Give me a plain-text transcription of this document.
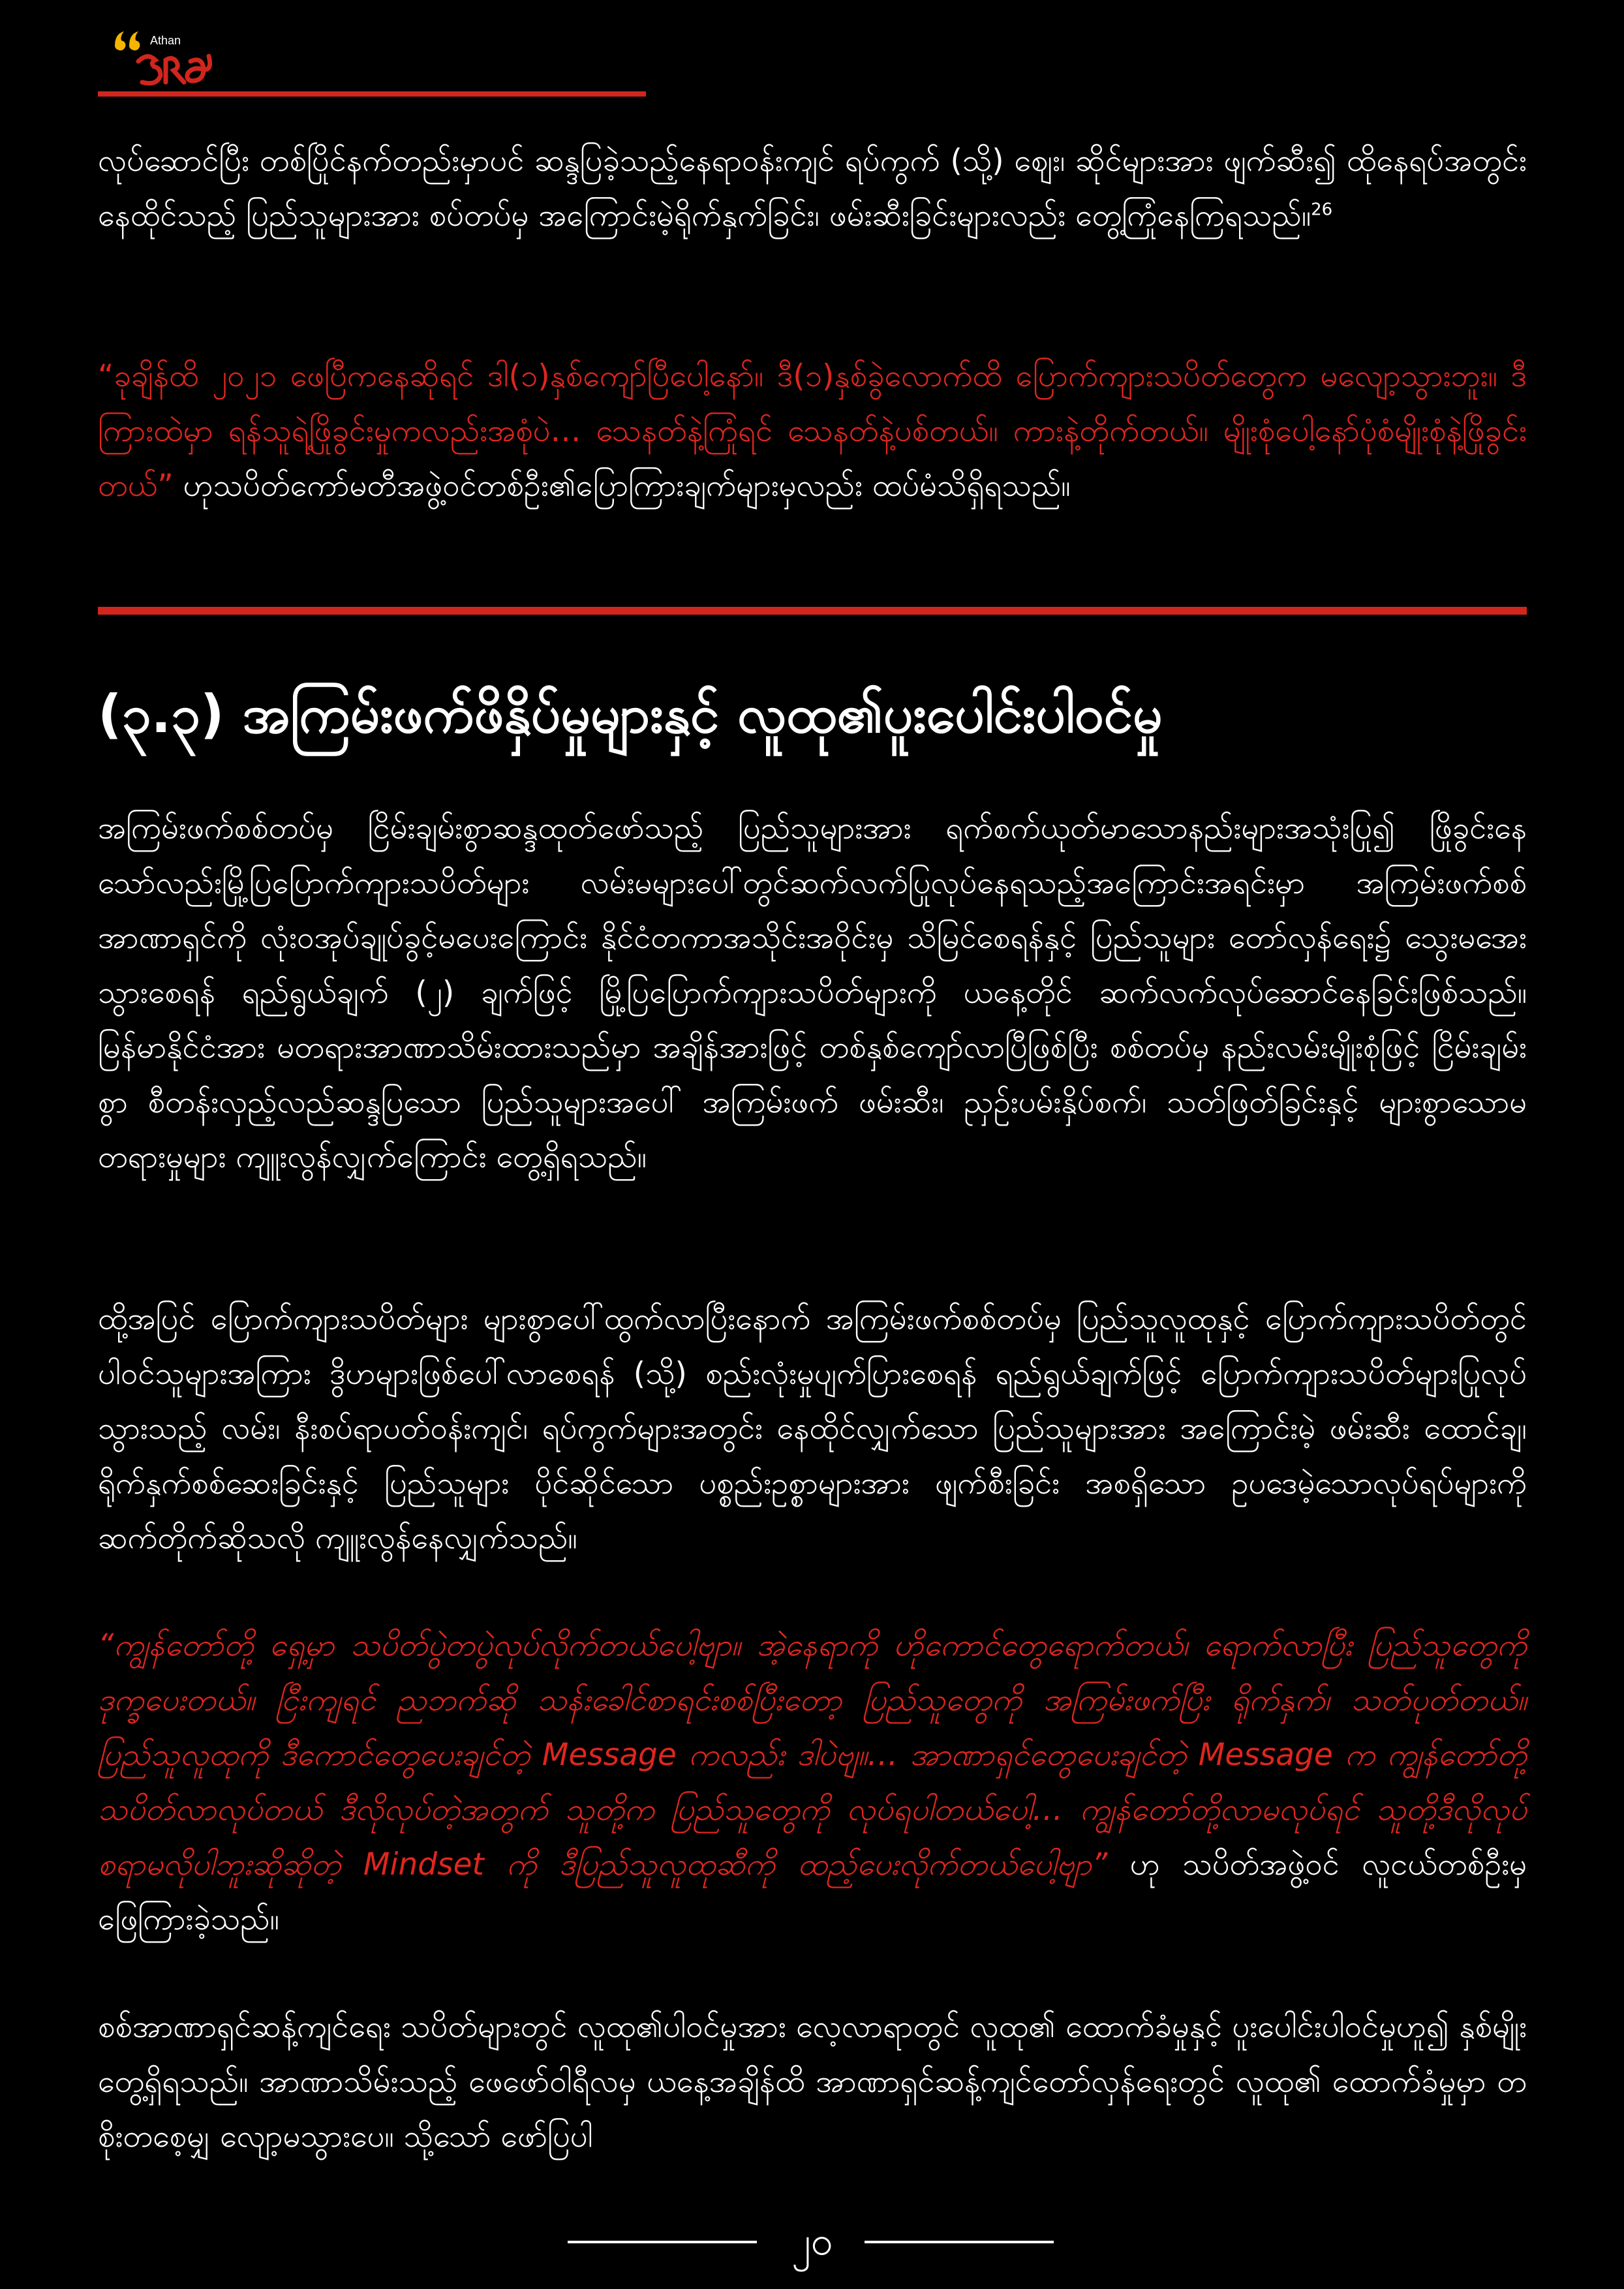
Athan
လုပ်ဆောင်ပြီး တစ်ပြိုင်နက်တည်းမှာပင် ဆန္ဒပြခဲ့သည့်နေရာဝန်းကျင် ရပ်ကွက် (သို့) ဈေး၊ ဆိုင်များအား ဖျက်ဆီး၍ ထိုနေရပ်အတွင်းနေထိုင်သည့် ပြည်သူများအား စပ်တပ်မှ အကြောင်းမဲ့ရိုက်နှက်ခြင်း၊ ဖမ်းဆီးခြင်းများလည်း တွေ့ကြုံနေကြရသည်။$^{26}$
“ခုချိန်ထိ ၂၀၂၁ ဖေပြီကနေဆိုရင် ဒါ(၁)နှစ်ကျော်ပြီပေါ့နော်။ ဒီ(၁)နှစ်ခွဲလောက်ထိ ပြောက်ကျားသပိတ်တွေက မလျော့သွားဘူး။ ဒီကြားထဲမှာ ရန်သူရဲ့ဖြိုခွင်းမှုကလည်းအစုံပဲ… သေနတ်နဲ့ကြုံရင် သေနတ်နဲ့ပစ်တယ်။ ကားနဲ့တိုက်တယ်။ မျိုးစုံပေါ့နော်ပုံစံမျိုးစုံနဲ့ဖြိုခွင်းတယ်” ဟုသပိတ်ကော်မတီအဖွဲ့ဝင်တစ်ဦး၏ပြောကြားချက်များမှလည်း ထပ်မံသိရှိရသည်။
(၃.၃) အကြမ်းဖက်ဖိနှိပ်မှုများနှင့် လူထု၏ပူးပေါင်းပါဝင်မှု
အကြမ်းဖက်စစ်တပ်မှ ငြိမ်းချမ်းစွာဆန္ဒထုတ်ဖော်သည့် ပြည်သူများအား ရက်စက်ယုတ်မာသောနည်းများအသုံးပြု၍ ဖြိုခွင်းနေသော်လည်းမြို့ပြပြောက်ကျားသပိတ်များ လမ်းမများပေါ်တွင်ဆက်လက်ပြုလုပ်နေရသည့်အကြောင်းအရင်းမှာ အကြမ်းဖက်စစ်အာဏာရှင်ကို လုံးဝအုပ်ချုပ်ခွင့်မပေးကြောင်း နိုင်ငံတကာအသိုင်းအဝိုင်းမှ သိမြင်စေရန်နှင့် ပြည်သူများ တော်လှန်ရေး၌ သွေးမအေးသွားစေရန် ရည်ရွယ်ချက် (၂) ချက်ဖြင့် မြို့ပြပြောက်ကျားသပိတ်များကို ယနေ့တိုင် ဆက်လက်လုပ်ဆောင်နေခြင်းဖြစ်သည်။ မြန်မာနိုင်ငံအား မတရားအာဏာသိမ်းထားသည်မှာ အချိန်အားဖြင့် တစ်နှစ်ကျော်လာပြီဖြစ်ပြီး စစ်တပ်မှ နည်းလမ်းမျိုးစုံဖြင့် ငြိမ်းချမ်းစွာ စီတန်းလှည့်လည်ဆန္ဒပြသော ပြည်သူများအပေါ် အကြမ်းဖက် ဖမ်းဆီး၊ ညှဉ်းပမ်းနှိပ်စက်၊ သတ်ဖြတ်ခြင်းနှင့် များစွာသောမတရားမှုများ ကျူးလွန်လျှက်ကြောင်း တွေ့ရှိရသည်။
ထို့အပြင် ပြောက်ကျားသပိတ်များ များစွာပေါ်ထွက်လာပြီးနောက် အကြမ်းဖက်စစ်တပ်မှ ပြည်သူလူထုနှင့် ပြောက်ကျားသပိတ်တွင်ပါဝင်သူများအကြား ဒွိဟများဖြစ်ပေါ်လာစေရန် (သို့) စည်းလုံးမှုပျက်ပြားစေရန် ရည်ရွယ်ချက်ဖြင့် ပြောက်ကျားသပိတ်များပြုလုပ်သွားသည့် လမ်း၊ နီးစပ်ရာပတ်ဝန်းကျင်၊ ရပ်ကွက်များအတွင်း နေထိုင်လျှက်သော ပြည်သူများအား အကြောင်းမဲ့ ဖမ်းဆီး ထောင်ချ၊ ရိုက်နှက်စစ်ဆေးခြင်းနှင့် ပြည်သူများ ပိုင်ဆိုင်သော ပစ္စည်းဥစ္စာများအား ဖျက်စီးခြင်း အစရှိသော ဥပဒေမဲ့သောလုပ်ရပ်များကို ဆက်တိုက်ဆိုသလို ကျူးလွန်နေလျှက်သည်။
“ကျွန်တော်တို့ ရှေ့မှာ သပိတ်ပွဲတပွဲလုပ်လိုက်တယ်ပေါ့ဗျာ။ အဲ့နေရာကို ဟိုကောင်တွေရောက်တယ်၊ ရောက်လာပြီး ပြည်သူတွေကို ဒုက္ခပေးတယ်။ ငြီးကျရင် ညဘက်ဆို သန်းခေါင်စာရင်းစစ်ပြီးတော့ ပြည်သူတွေကို အကြမ်းဖက်ပြီး ရိုက်နှက်၊ သတ်ပုတ်တယ်။ ပြည်သူလူထုကို ဒီကောင်တွေပေးချင်တဲ့ Message ကလည်း ဒါပဲဗျ။… အာဏာရှင်တွေပေးချင်တဲ့ Message က ကျွန်တော်တို့ သပိတ်လာလုပ်တယ် ဒီလိုလုပ်တဲ့အတွက် သူတို့က ပြည်သူတွေကို လုပ်ရပါတယ်ပေါ့… ကျွန်တော်တို့လာမလုပ်ရင် သူတို့ဒီလိုလုပ်စရာမလိုပါဘူးဆိုဆိုတဲ့ Mindset ကို ဒီပြည်သူလူထုဆီကို ထည့်ပေးလိုက်တယ်ပေါ့ဗျာ” ဟု သပိတ်အဖွဲ့ဝင် လူငယ်တစ်ဦးမှ ဖြေကြားခဲ့သည်။
စစ်အာဏာရှင်ဆန့်ကျင်ရေး သပိတ်များတွင် လူထု၏ပါဝင်မှုအား လေ့လာရာတွင် လူထု၏ ထောက်ခံမှုနှင့် ပူးပေါင်းပါဝင်မှုဟူ၍ နှစ်မျိုးတွေ့ရှိရသည်။ အာဏာသိမ်းသည့် ဖေဖော်ဝါရီလမှ ယနေ့အချိန်ထိ အာဏာရှင်ဆန့်ကျင်တော်လှန်ရေးတွင် လူထု၏ ထောက်ခံမှုမှာ တစိုးတစေ့မျှ လျော့မသွားပေ။ သို့သော် ဖော်ပြပါ
၂၀
